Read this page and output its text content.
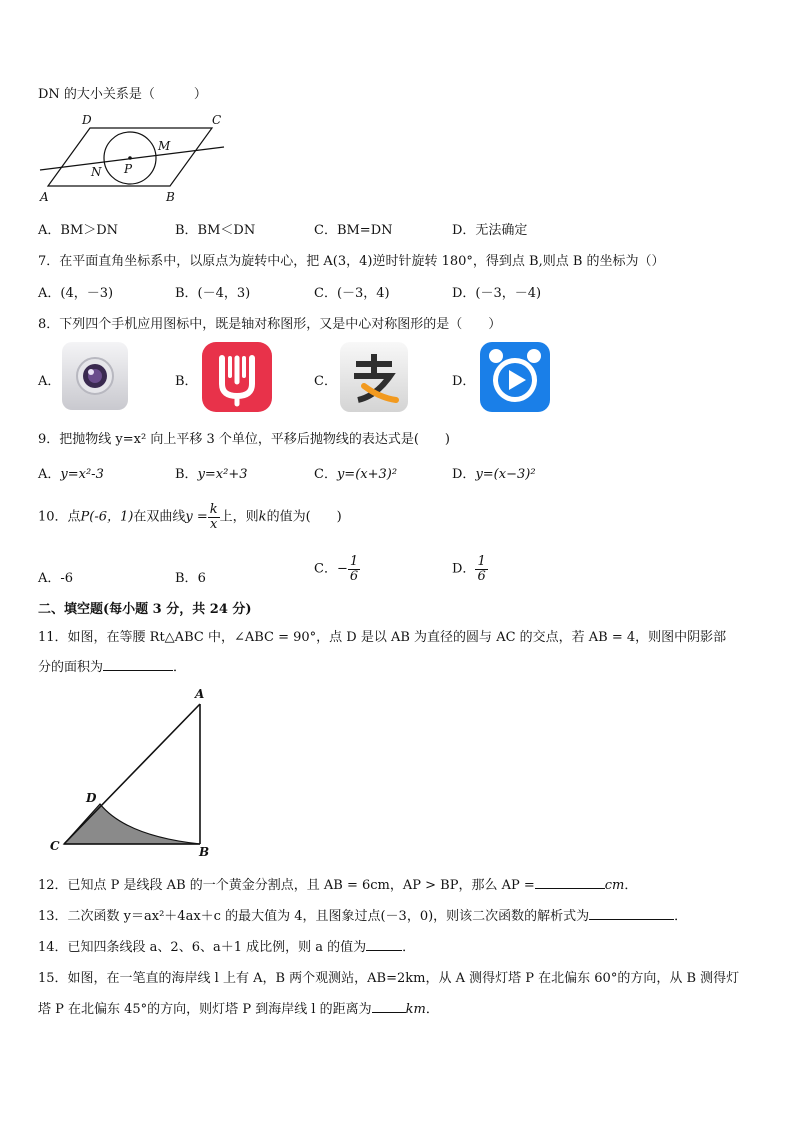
DN 的大小关系是（　　　）
D	C
A	B
M
N P
A．BM＞DN	B．BM＜DN	C．BM=DN	D．无法确定
7．在平面直角坐标系中，以原点为旋转中心，把 A(3，4)逆时针旋转 180°，得到点 B,则点 B 的坐标为（）
A．(4，－3)	B．(－4，3)	C．(－3，4)	D．(－3，－4)
8．下列四个手机应用图标中，既是轴对称图形，又是中心对称图形的是（　　）
A．	B．	C．	D．
9．把抛物线 y=x² 向上平移 3 个单位，平移后抛物线的表达式是(　　)
A．y=x²-3	B．y=x²+3	C．y=(x+3)²	D．y=(x−3)²
10．点P(-6，1)在双曲线$y = \frac{k}{x}$ 上，则k的值为(　　)
A．-6	B．6
C．− $\frac{1}{6}$	D． $\frac{1}{6}$
二、填空题(每小题 3 分，共 24 分)
11．如图，在等腰 Rt△ABC 中，∠ABC = 90°，点 D 是以 AB 为直径的圆与 AC 的交点，若 AB = 4，则图中阴影部
分的面积为	．
A
B
C
D
12．已知点 P 是线段 AB 的一个黄金分割点，且 AB = 6cm，AP > BP，那么 AP =	cm．
13．二次函数 y＝ax²＋4ax＋c 的最大值为 4，且图象过点(－3，0)，则该二次函数的解析式为	．
14．已知四条线段 a、2、6、a＋1 成比例，则 a 的值为	．
15．如图，在一笔直的海岸线 l 上有 A，B 两个观测站，AB=2km，从 A 测得灯塔 P 在北偏东 60°的方向，从 B 测得灯
塔 P 在北偏东 45°的方向，则灯塔 P 到海岸线 l 的距离为	km．
